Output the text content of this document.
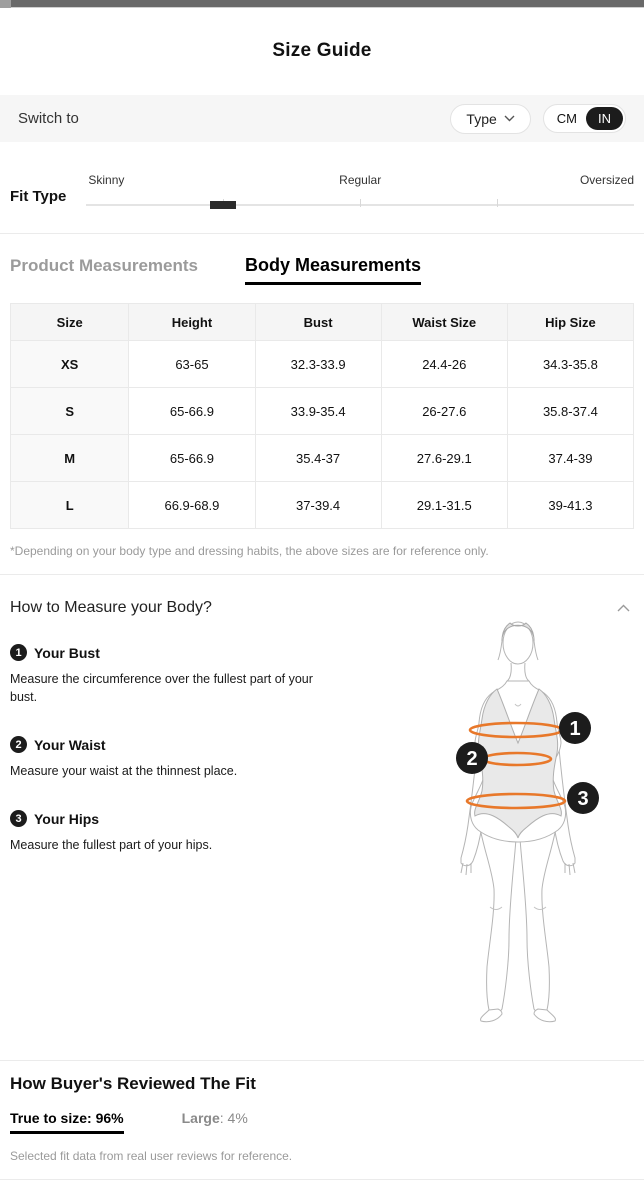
Size Guide
Switch to	Type	CM	IN
Fit Type
Skinny	Regular	Oversized
Product Measurements	Body Measurements
Size	Height	Bust	Waist Size	Hip Size
XS	63-65	32.3-33.9	24.4-26	34.3-35.8
S	65-66.9	33.9-35.4	26-27.6	35.8-37.4
M	65-66.9	35.4-37	27.6-29.1	37.4-39
L	66.9-68.9	37-39.4	29.1-31.5	39-41.3
*Depending on your body type and dressing habits, the above sizes are for reference only.
How to Measure your Body?
1 Your Bust

Measure the circumference over the fullest part of your bust.

2 Your Waist

Measure your waist at the thinnest place.

3 Your Hips

Measure the fullest part of your hips.

1
2
3
How Buyer's Reviewed The Fit
True to size: 96%	Large: 4%
Selected fit data from real user reviews for reference.
